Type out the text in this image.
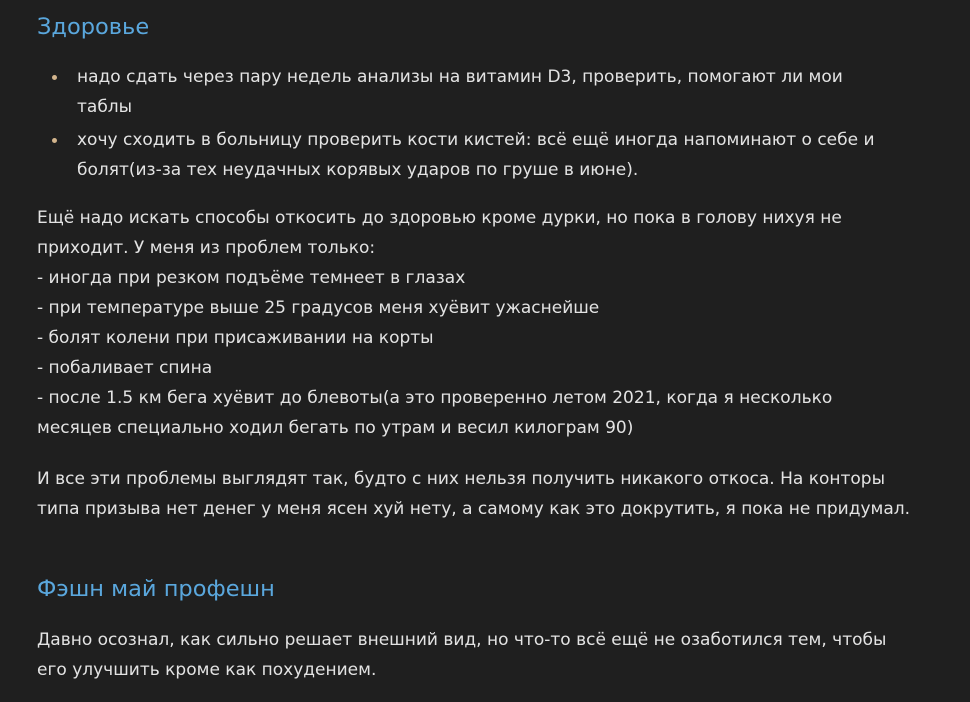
Здоровье
надо сдать через пару недель анализы на витамин D3, проверить, помогают ли мои
таблы
хочу сходить в больницу проверить кости кистей: всё ещё иногда напоминают о себе и
болят(из-за тех неудачных корявых ударов по груше в июне).

Ещё надо искать способы откосить до здоровью кроме дурки, но пока в голову нихуя не
приходит. У меня из проблем только:
- иногда при резком подъёме темнеет в глазах
- при температуре выше 25 градусов меня хуёвит ужаснейше
- болят колени при присаживании на корты
- побаливает спина
- после 1.5 км бега хуёвит до блевоты(а это проверенно летом 2021, когда я несколько
месяцев специально ходил бегать по утрам и весил килограм 90)

И все эти проблемы выглядят так, будто с них нельзя получить никакого откоса. На конторы
типа призыва нет денег у меня ясен хуй нету, а самому как это докрутить, я пока не придумал.

Фэшн май профешн

Давно осознал, как сильно решает внешний вид, но что-то всё ещё не озаботился тем, чтобы
его улучшить кроме как похудением.
